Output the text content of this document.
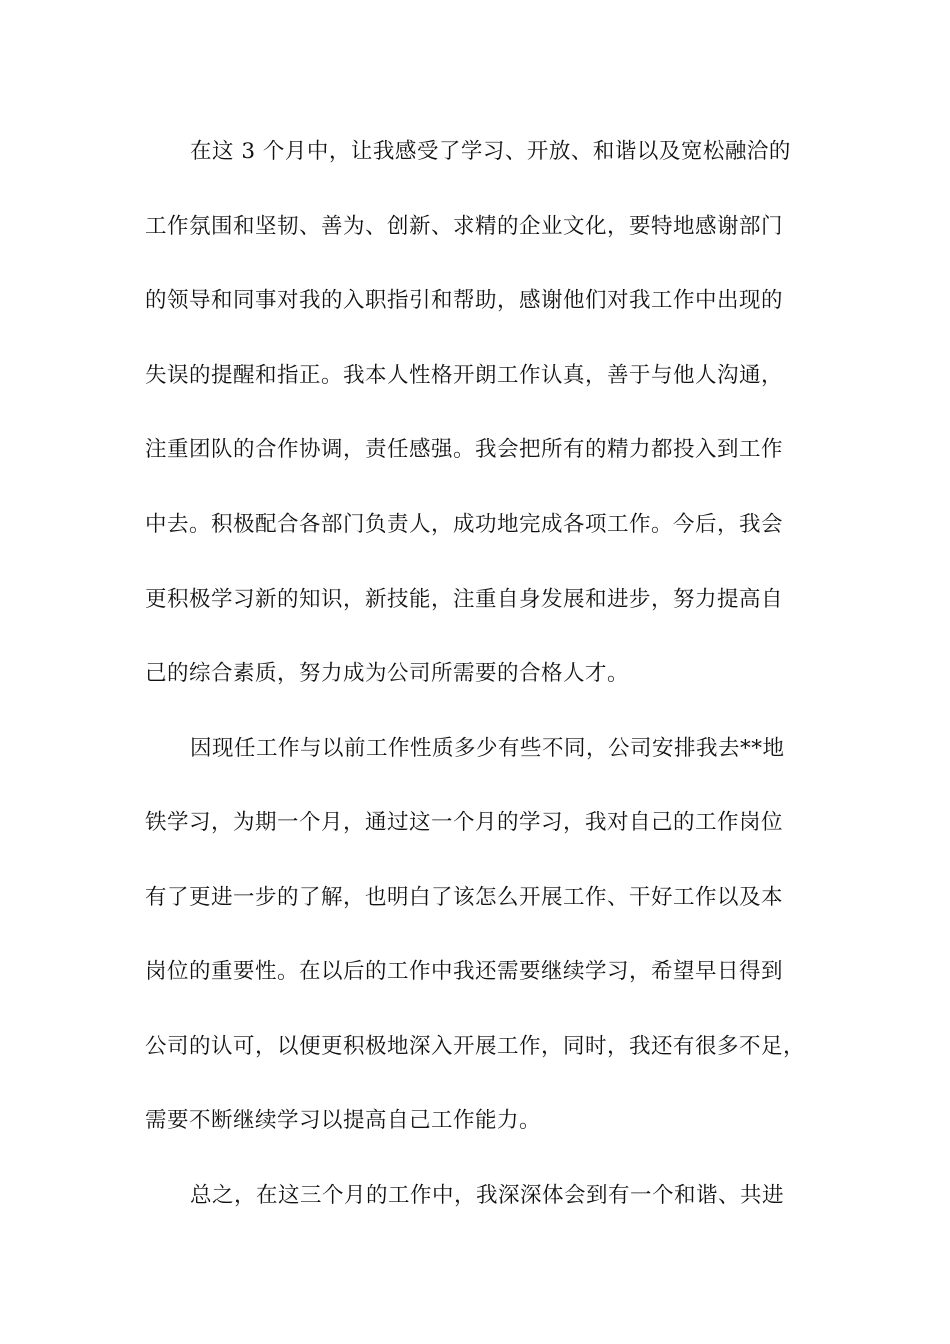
在这 3 个月中，让我感受了学习、开放、和谐以及宽松融洽的
工作氛围和坚韧、善为、创新、求精的企业文化，要特地感谢部门
的领导和同事对我的入职指引和帮助，感谢他们对我工作中出现的
失误的提醒和指正。我本人性格开朗工作认真，善于与他人沟通，
注重团队的合作协调，责任感强。我会把所有的精力都投入到工作
中去。积极配合各部门负责人，成功地完成各项工作。今后，我会
更积极学习新的知识，新技能，注重自身发展和进步，努力提高自
己的综合素质，努力成为公司所需要的合格人才。
因现任工作与以前工作性质多少有些不同，公司安排我去**地
铁学习，为期一个月，通过这一个月的学习，我对自己的工作岗位
有了更进一步的了解，也明白了该怎么开展工作、干好工作以及本
岗位的重要性。在以后的工作中我还需要继续学习，希望早日得到
公司的认可，以便更积极地深入开展工作，同时，我还有很多不足，
需要不断继续学习以提高自己工作能力。
总之，在这三个月的工作中，我深深体会到有一个和谐、共进
